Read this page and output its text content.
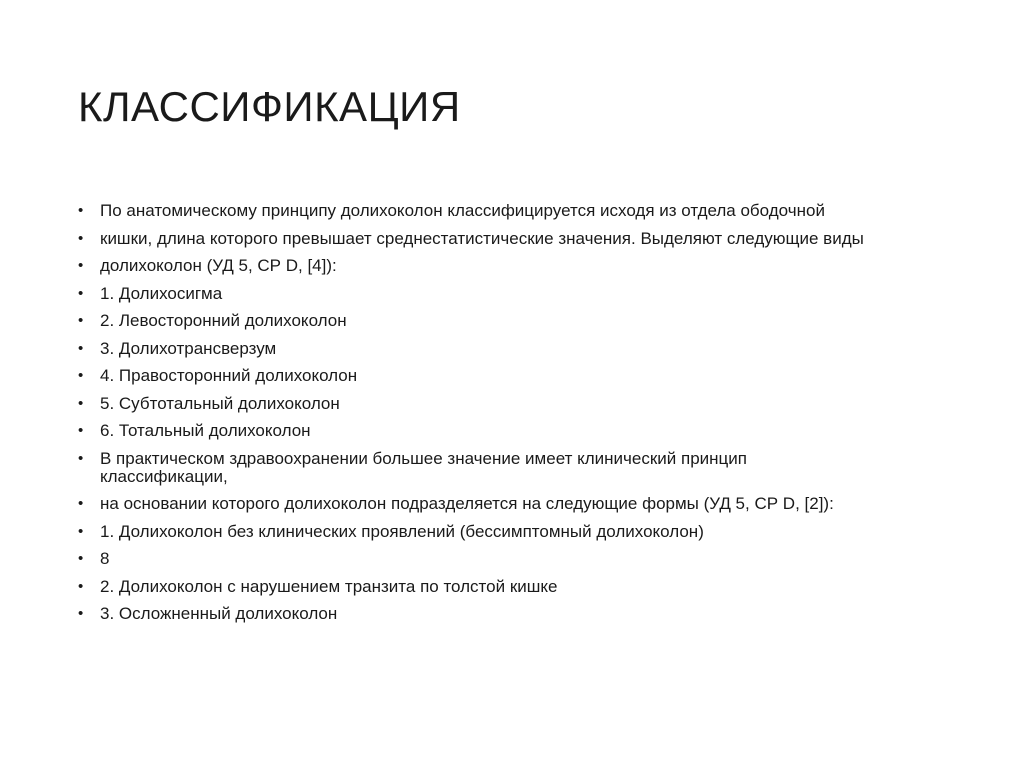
КЛАССИФИКАЦИЯ
• По анатомическому принципу долихоколон классифицируется исходя из отдела ободочной
• кишки, длина которого превышает среднестатистические значения. Выделяют следующие виды
• долихоколон (УД 5, СР D, [4]):
• 1. Долихосигма
• 2. Левосторонний долихоколон
• 3. Долихотрансверзум
• 4. Правосторонний долихоколон
• 5. Субтотальный долихоколон
• 6. Тотальный долихоколон
• В практическом здравоохранении большее значение имеет клинический принцип классификации,
• на основании которого долихоколон подразделяется на следующие формы (УД 5, СР D, [2]):
• 1. Долихоколон без клинических проявлений (бессимптомный долихоколон)
• 8
• 2. Долихоколон с нарушением транзита по толстой кишке
• 3. Осложненный долихоколон
